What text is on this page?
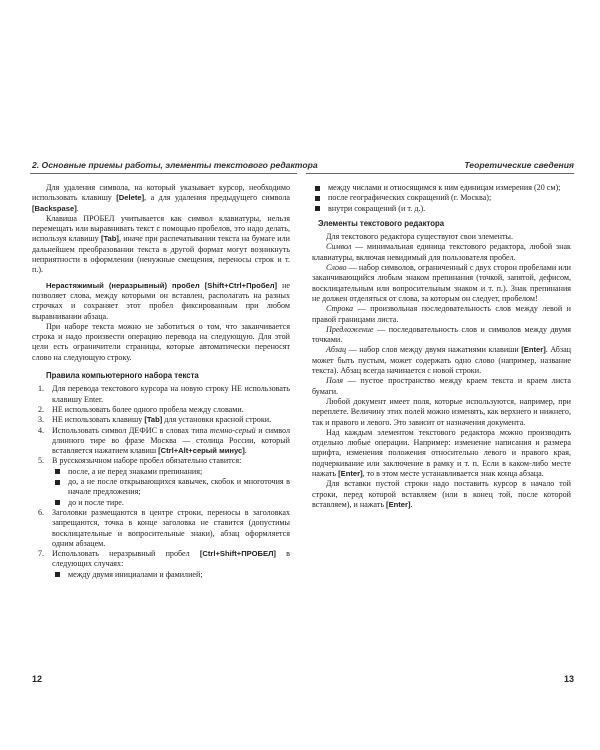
2. Основные приемы работы, элементы текстового редактора

Для удаления символа, на который указывает курсор, необходимо использовать клавишу [Delete], а для удаления предыдущего символа [Backspase].

Клавиша ПРОБЕЛ учитывается как символ клавиатуры, нельзя перемещать или выравнивать текст с помощью пробелов, это надо делать, используя клавишу [Tab], иначе при распечатывании текста на бумаге или дальнейшем преобразовании текста в другой формат могут возникнуть неприятности в оформлении (ненужные смещения, переносы строк и т. п.).

Нерастяжимый (неразрывный) пробел [Shift+Ctrl+Пробел] не позволяет слова, между которыми он вставлен, располагать на разных строчках и сохраняет этот пробел фиксированным при любом выравнивании абзаца.

При наборе текста можно не заботиться о том, что заканчивается строка и надо произвести операцию перевода на следующую. Для этой цели есть ограничители страницы, которые автоматически переносят слово на следующую строку.

Правила компьютерного набора текста
1. Для перевода текстового курсора на новую строку НЕ использовать клавишу Enter.
2. НЕ использовать более одного пробела между словами.
3. НЕ использовать клавишу [Tab] для установки красной строки.
4. Использовать символ ДЕФИС в словах типа темно-серый и символ длинного тире во фразе Москва — столица России, который вставляется нажатием клавиш [Ctrl+Alt+серый минус].
5. В русскоязычном наборе пробел обязательно ставится:
после, а не перед знаками препинания;
до, а не после открывающихся кавычек, скобок и многоточия в начале предложения;
до и после тире.
6. Заголовки размещаются в центре строки, переносы в заголовках запрещаются, точка в конце заголовка не ставится (допустимы восклицательные и вопросительные знаки), абзац оформляется одним абзацем.
7. Использовать неразрывный пробел [Ctrl+Shift+ПРОБЕЛ] в следующих случаях:
между двумя инициалами и фамилией;
12
Теоретические сведения
между числами и относящимся к ним единицам измерения (20 см);
после географических сокращений (г. Москва);
внутри сокращений (и т. д.).
Элементы текстового редактора

Для текстового редактора существуют свои элементы.

Символ — минимальная единица текстового редактора, любой знак клавиатуры, включая невидимый для пользователя пробел.

Слово — набор символов, ограниченный с двух сторон пробелами или заканчивающийся любым знаком препинания (точкой, запятой, дефисом, восклицательным или вопросительным знаком и т. п.). Знак препинания не должен отделяться от слова, за которым он следует, пробелом!

Строка — произвольная последовательность слов между левой и правой границами листа.

Предложение — последовательность слов и символов между двумя точками.

Абзац — набор слов между двумя нажатиями клавиши [Enter]. Абзац может быть пустым, может содержать одно слово (например, название текста). Абзац всегда начинается с новой строки.

Поля — пустое пространство между краем текста и краем листа бумаги.

Любой документ имеет поля, которые используются, например, при переплете. Величину этих полей можно изменять, как верхнего и нижнего, так и правого и левого. Это зависит от назначения документа.

Над каждым элементом текстового редактора можно производить отдельно любые операции. Например: изменение написания и размера шрифта, изменения положения относительно левого и правого края, подчеркивание или заключение в рамку и т. п. Если в каком-либо месте нажать [Enter], то в этом месте устанавливается знак конца абзаца.

Для вставки пустой строки надо поставить курсор в начало той строки, перед которой вставляем (или в конец той, после которой вставляем), и нажать [Enter].

13
